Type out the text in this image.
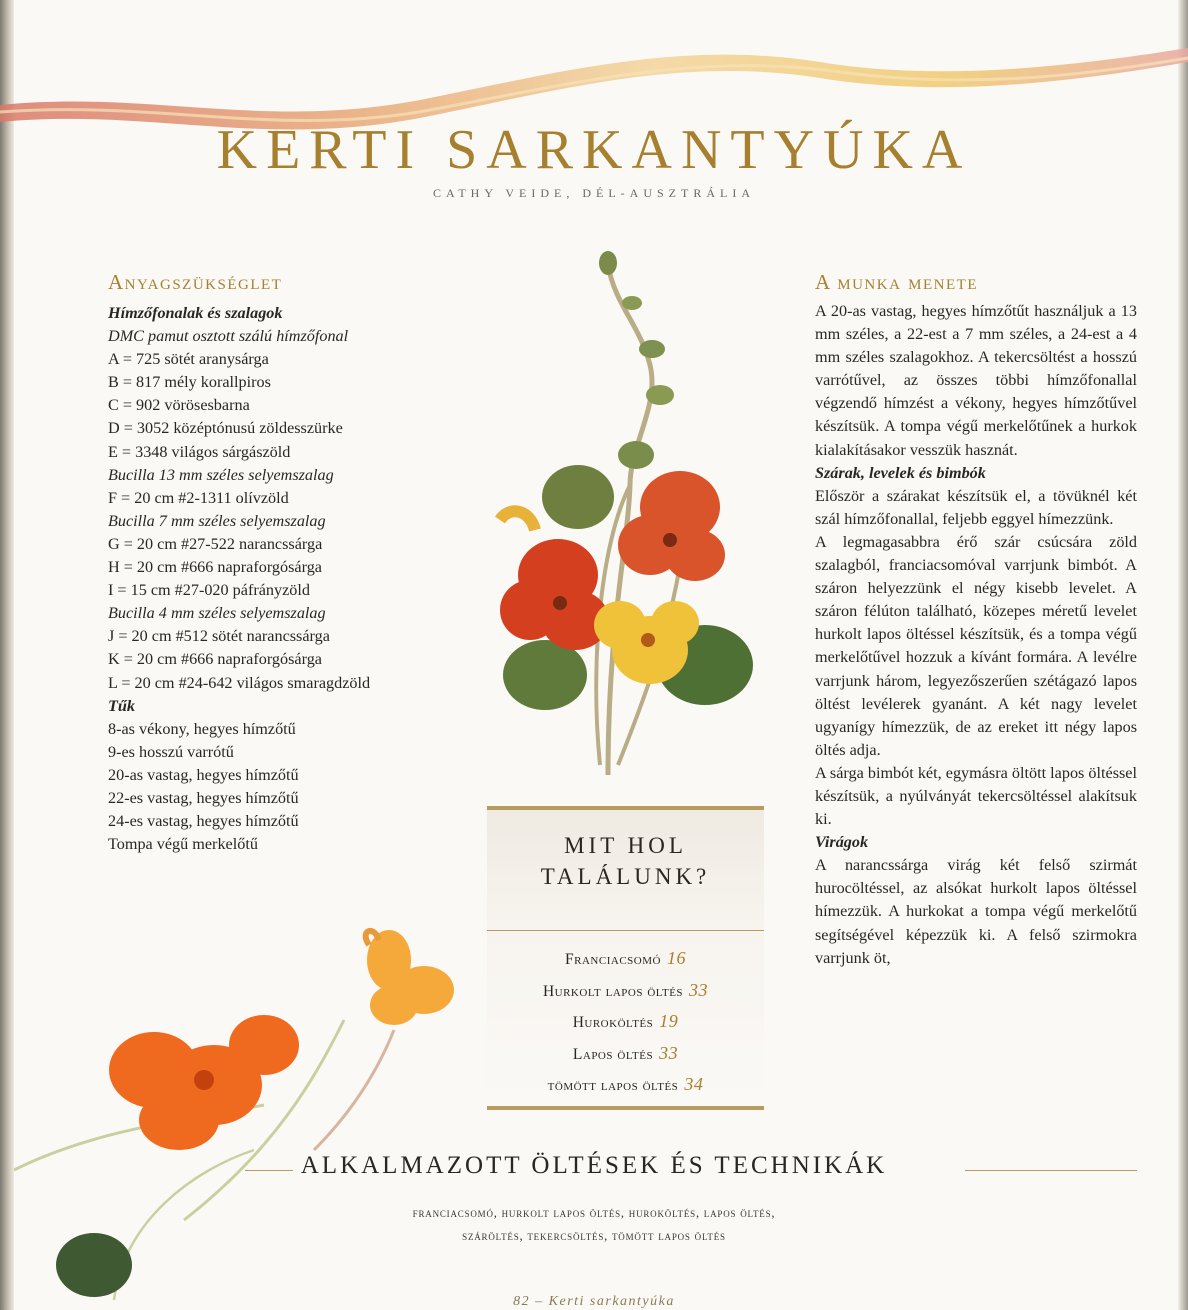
KERTI SARKANTYÚKA
CATHY VEIDE, DÉL-AUSZTRÁLIA
Anyagszükséglet
Hímzőfonalak és szalagok
DMC pamut osztott szálú hímzőfonal
A = 725 sötét aranysárga
B = 817 mély korallpiros
C = 902 vörösesbarna
D = 3052 középtónusú zöldesszürke
E = 3348 világos sárgászöld
Bucilla 13 mm széles selyemszalag
F = 20 cm #2-1311 olívzöld
Bucilla 7 mm széles selyemszalag
G = 20 cm #27-522 narancssárga
H = 20 cm #666 napraforgósárga
I = 15 cm #27-020 páfrányzöld
Bucilla 4 mm széles selyemszalag
J = 20 cm #512 sötét narancssárga
K = 20 cm #666 napraforgósárga
L = 20 cm #24-642 világos smaragdzöld
Tűk
8-as vékony, hegyes hímzőtű
9-es hosszú varrótű
20-as vastag, hegyes hímzőtű
22-es vastag, hegyes hímzőtű
24-es vastag, hegyes hímzőtű
Tompa végű merkelőtű
A munka menete

A 20-as vastag, hegyes hímzőtűt használjuk a 13 mm széles, a 22-est a 7 mm széles, a 24-est a 4 mm széles szalagokhoz. A tekercsöltést a hosszú varrótűvel, az összes többi hímzőfonallal végzendő hímzést a vékony, hegyes hímzőtűvel készítsük. A tompa végű merkelőtűnek a hurkok kialakításakor vesszük hasznát.

Szárak, levelek és bimbók

Először a szárakat készítsük el, a tövüknél két szál hímzőfonallal, feljebb eggyel hímezzünk.

A legmagasabbra érő szár csúcsára zöld szalagból, franciacsomóval varrjunk bimbót. A száron helyezzünk el négy kisebb levelet. A száron félúton található, közepes méretű levelet hurkolt lapos öltéssel készítsük, és a tompa végű merkelőtűvel hozzuk a kívánt formára. A levélre varrjunk három, legyezőszerűen szétágazó lapos öltést levélerek gyanánt. A két nagy levelet ugyanígy hímezzük, de az ereket itt négy lapos öltés adja.

A sárga bimbót két, egymásra öltött lapos öltéssel készítsük, a nyúlványát tekercsöltéssel alakítsuk ki.

Virágok

A narancssárga virág két felső szirmát hurocöltéssel, az alsókat hurkolt lapos öltéssel hímezzük. A hurkokat a tompa végű merkelőtű segítségével képezzük ki. A felső szirmokra varrjunk öt,

MIT HOL
TALÁLUNK?
Franciacsomó 16
Hurkolt lapos öltés 33
Huroköltés 19
Lapos öltés 33
tömött lapos öltés 34
ALKALMAZOTT ÖLTÉSEK ÉS TECHNIKÁK
franciacsomó, hurkolt lapos öltés, huroköltés, lapos öltés,
száröltés, tekercsöltés, tömött lapos öltés
82 – Kerti sarkantyúka
